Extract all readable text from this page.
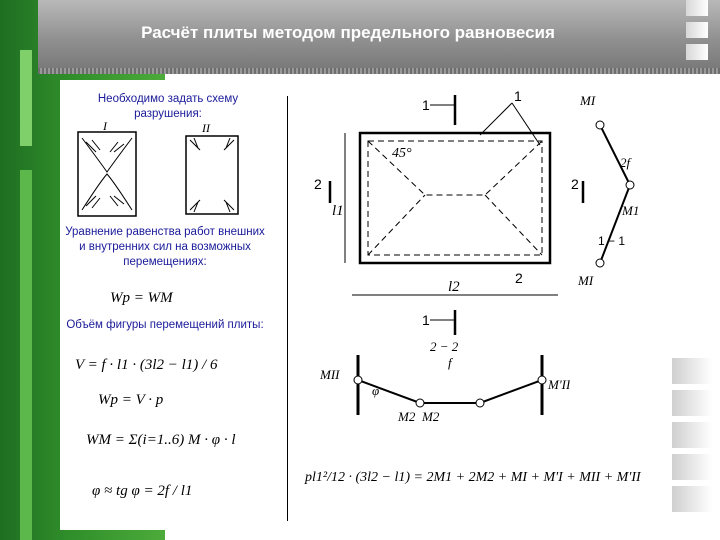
Расчёт плиты методом предельного равновесия
Необходимо задать схему разрушения:
I	II
Уравнение равенства работ внешних и внутренних сил на возможных перемещениях:
Wp = WM
Объём фигуры перемещений плиты:
V = f · l1 · (3l2 − l1) / 6
Wp = V · p
WM = Σ(i=1..6) M · φ · l
φ ≈ tg φ = 2f / l1
1
1
45°
2	2
l1
l2
2
1
2 − 2
MI
2f
M1
MI
1 − 1
MII
M'II
M2 M2
f
φ
pl1²/12 · (3l2 − l1) = 2M1 + 2M2 + MI + M'I + MII + M'II
